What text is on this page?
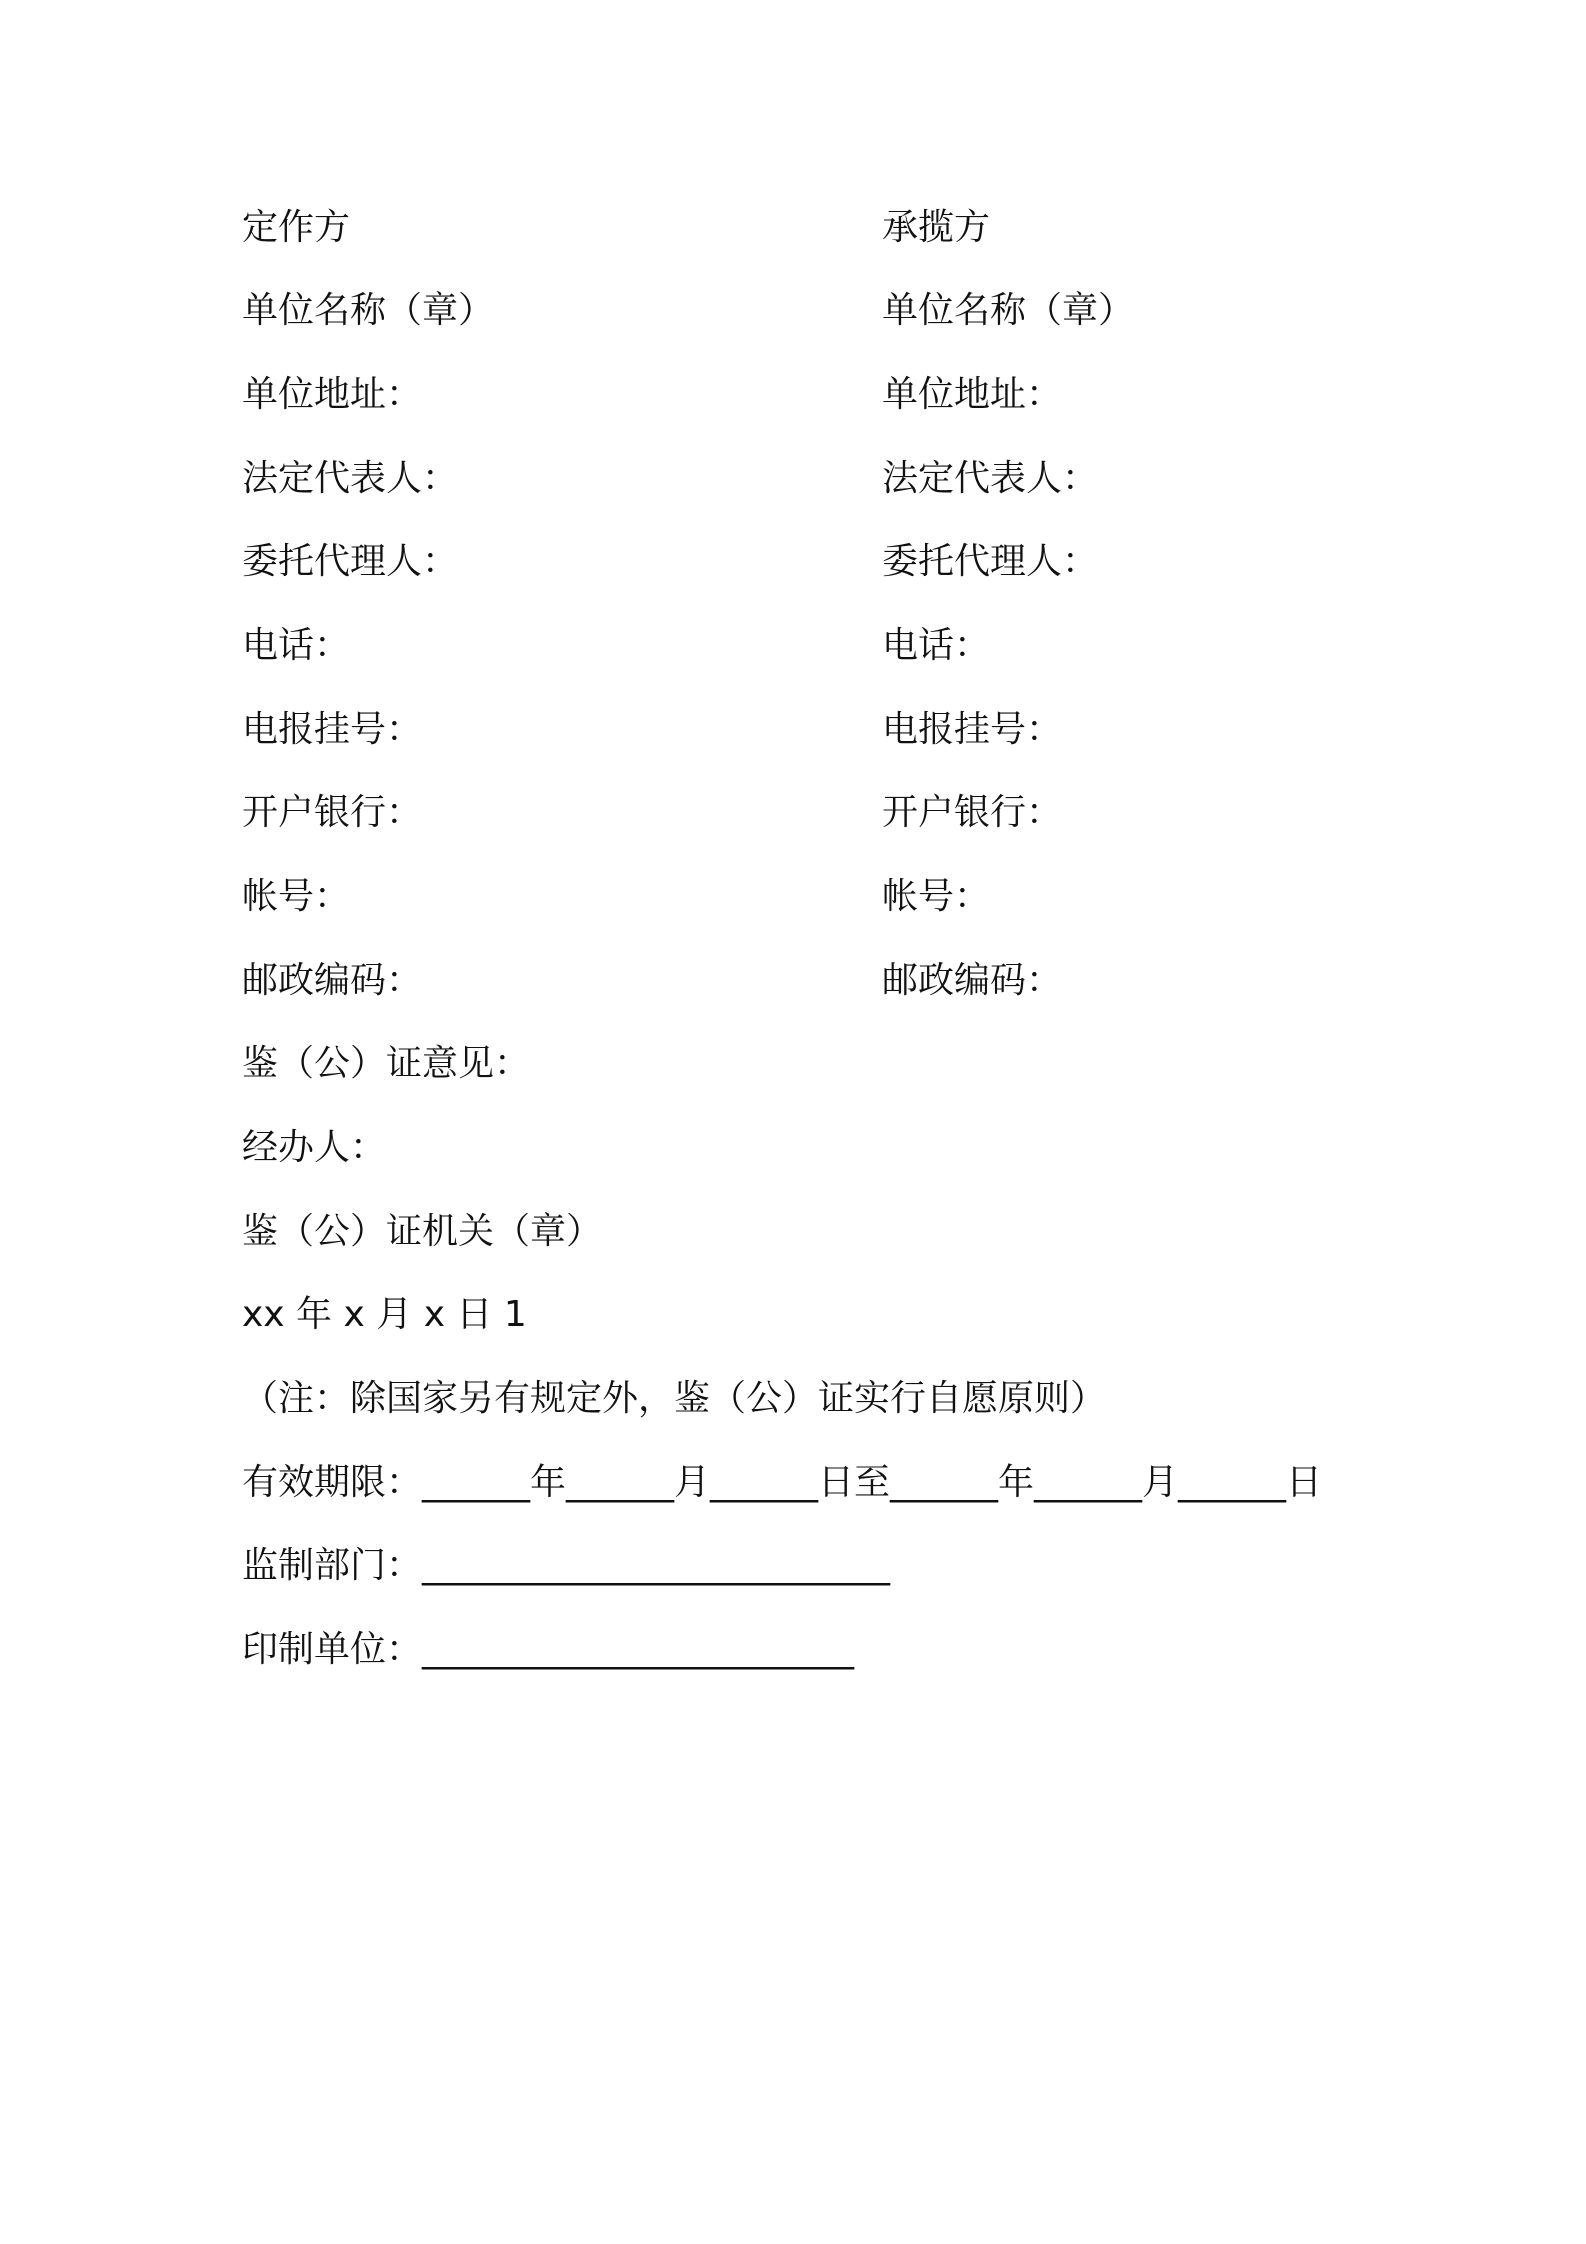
定作方	承揽方
单位名称（章）	单位名称（章）
单位地址：	单位地址：
法定代表人：	法定代表人：
委托代理人：	委托代理人：
电话：	电话：
电报挂号：	电报挂号：
开户银行：	开户银行：
帐号：	帐号：
邮政编码：	邮政编码：
鉴（公）证意见：
经办人：
鉴（公）证机关（章）
xx 年 x 月 x 日 1
（注：除国家另有规定外，鉴（公）证实行自愿原则）
有效期限：______年______月______日至______年______月______日
监制部门：__________________________
印制单位：________________________
